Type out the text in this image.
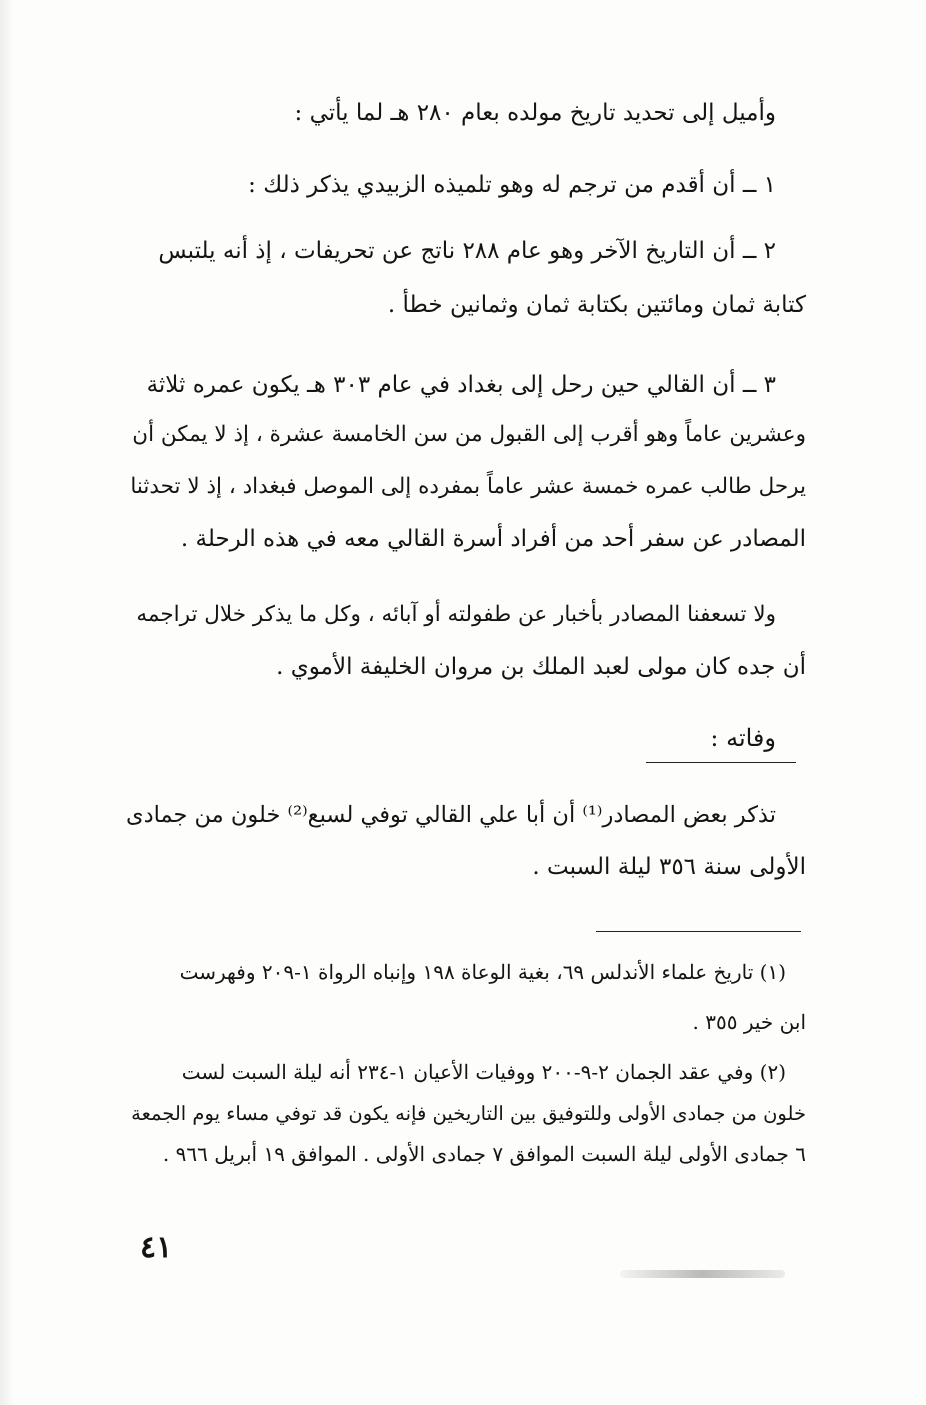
وأميل إلى تحديد تاريخ مولده بعام ٢٨٠ هـ لما يأتي :
١ ــ أن أقدم من ترجم له وهو تلميذه الزبيدي يذكر ذلك :
٢ ــ أن التاريخ الآخر وهو عام ٢٨٨ ناتج عن تحريفات ، إذ أنه يلتبس
كتابة ثمان ومائتين بكتابة ثمان وثمانين خطأ .
٣ ــ أن القالي حين رحل إلى بغداد في عام ٣٠٣ هـ يكون عمره ثلاثة
وعشرين عاماً وهو أقرب إلى القبول من سن الخامسة عشرة ، إذ لا يمكن أن
يرحل طالب عمره خمسة عشر عاماً بمفرده إلى الموصل فبغداد ، إذ لا تحدثنا
المصادر عن سفر أحد من أفراد أسرة القالي معه في هذه الرحلة .
ولا تسعفنا المصادر بأخبار عن طفولته أو آبائه ، وكل ما يذكر خلال تراجمه
أن جده كان مولى لعبد الملك بن مروان الخليفة الأموي .
وفاته :
تذكر بعض المصادر⁽¹⁾ أن أبا علي القالي توفي لسبع⁽²⁾ خلون من جمادى
الأولى سنة ٣٥٦ ليلة السبت .
(١) تاريخ علماء الأندلس ٦٩، بغية الوعاة ١٩٨ وإنباه الرواة ١-٢٠٩ وفهرست
ابن خير ٣٥٥ .
(٢) وفي عقد الجمان ٢-٩-٢٠٠ ووفيات الأعيان ١-٢٣٤ أنه ليلة السبت لست
خلون من جمادى الأولى وللتوفيق بين التاريخين فإنه يكون قد توفي مساء يوم الجمعة
٦ جمادى الأولى ليلة السبت الموافق ٧ جمادى الأولى . الموافق ١٩ أبريل ٩٦٦ .
٤١
